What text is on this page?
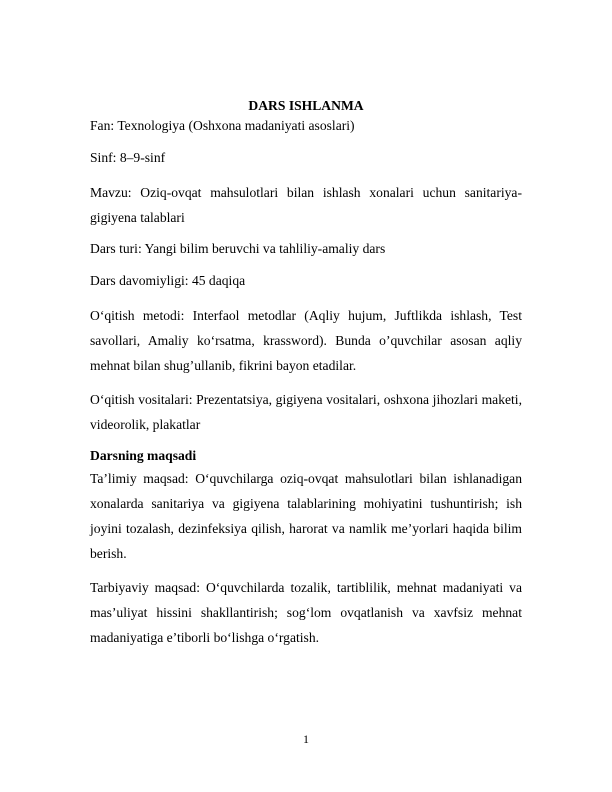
DARS ISHLANMA

Fan: Texnologiya (Oshxona madaniyati asoslari)

Sinf: 8–9-sinf

Mavzu: Oziq-ovqat mahsulotlari bilan ishlash xonalari uchun sanitariya-gigiyena talablari

Dars turi: Yangi bilim beruvchi va tahliliy-amaliy dars

Dars davomiyligi: 45 daqiqa

O‘qitish metodi: Interfaol metodlar (Aqliy hujum, Juftlikda ishlash, Test savollari, Amaliy ko‘rsatma, krassword). Bunda o’quvchilar asosan aqliy mehnat bilan shug’ullanib, fikrini bayon etadilar.

O‘qitish vositalari: Prezentatsiya, gigiyena vositalari, oshxona jihozlari maketi, videorolik, plakatlar

Darsning maqsadi

Ta’limiy maqsad: O‘quvchilarga oziq-ovqat mahsulotlari bilan ishlanadigan xonalarda sanitariya va gigiyena talablarining mohiyatini tushuntirish; ish joyini tozalash, dezinfeksiya qilish, harorat va namlik me’yorlari haqida bilim berish.

Tarbiyaviy maqsad: O‘quvchilarda tozalik, tartiblilik, mehnat madaniyati va mas’uliyat hissini shakllantirish; sog‘lom ovqatlanish va xavfsiz mehnat madaniyatiga e’tiborli bo‘lishga o‘rgatish.

1
